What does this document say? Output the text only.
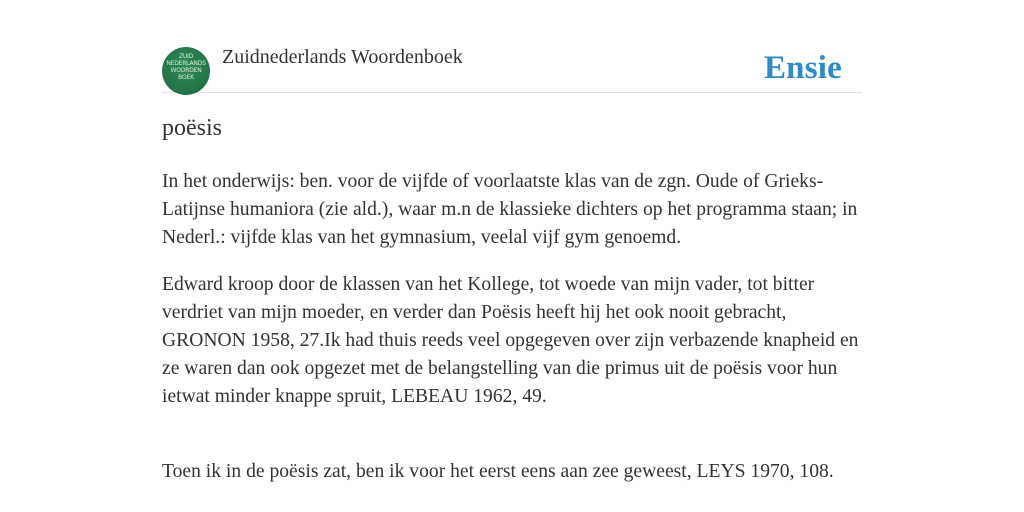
ZUID
NEDERLANDS
WOORDEN
BOEK
Zuidnederlands Woordenboek	Ensie
poësis

In het onderwijs: ben. voor de vijfde of voorlaatste klas van de zgn. Oude of Grieks-Latijnse humaniora (zie ald.), waar m.n de klassieke dichters op het programma staan; in Nederl.: vijfde klas van het gymnasium, veelal vijf gym genoemd.

Edward kroop door de klassen van het Kollege, tot woede van mijn vader, tot bitter verdriet van mijn moeder, en verder dan Poësis heeft hij het ook nooit gebracht, GRONON 1958, 27.Ik had thuis reeds veel opgegeven over zijn verbazende knapheid en ze waren dan ook opgezet met de belangstelling van die primus uit de poësis voor hun ietwat minder knappe spruit, LEBEAU 1962, 49.

Toen ik in de poësis zat, ben ik voor het eerst eens aan zee geweest, LEYS 1970, 108.
